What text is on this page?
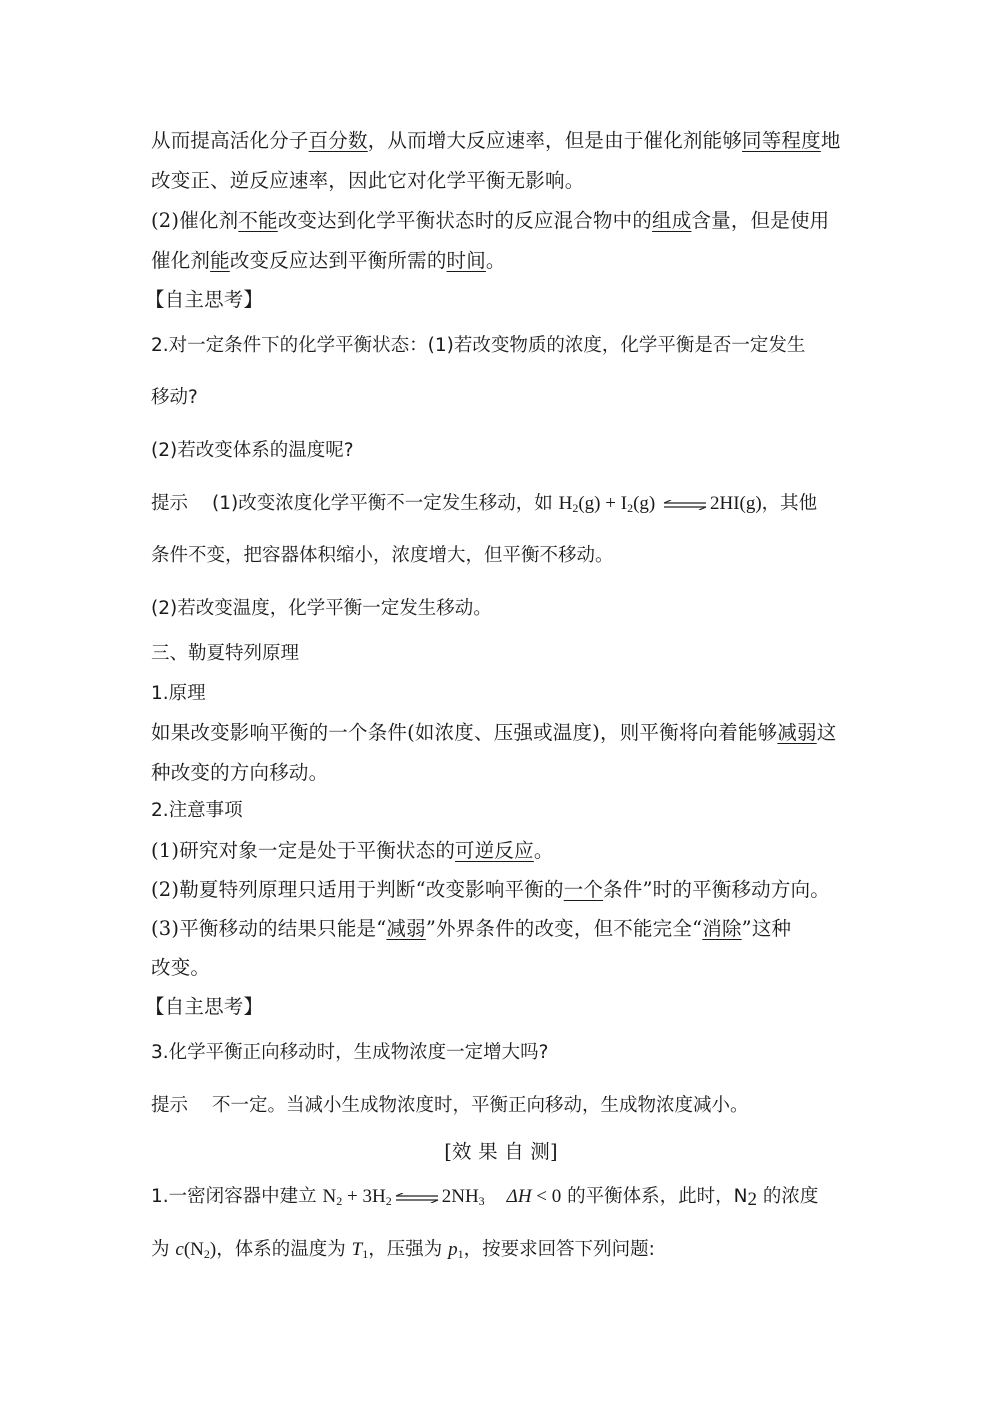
从而提高活化分子百分数，从而增大反应速率，但是由于催化剂能够同等程度地
改变正、逆反应速率，因此它对化学平衡无影响。
(2)催化剂不能改变达到化学平衡状态时的反应混合物中的组成含量，但是使用
催化剂能改变反应达到平衡所需的时间。
【自主思考】
2.对一定条件下的化学平衡状态：(1)若改变物质的浓度，化学平衡是否一定发生
移动?
(2)若改变体系的温度呢?
提示 (1)改变浓度化学平衡不一定发生移动，如 $H_2(g) + I_2(g)$ ⇌ 2HI(g)，其他
条件不变，把容器体积缩小，浓度增大，但平衡不移动。
(2)若改变温度，化学平衡一定发生移动。
三、勒夏特列原理
1.原理
如果改变影响平衡的一个条件(如浓度、压强或温度)，则平衡将向着能够减弱这
种改变的方向移动。
2.注意事项
(1)研究对象一定是处于平衡状态的可逆反应。
(2)勒夏特列原理只适用于判断“改变影响平衡的一个条件”时的平衡移动方向。
(3)平衡移动的结果只能是“减弱”外界条件的改变，但不能完全“消除”这种
改变。
【自主思考】
3.化学平衡正向移动时，生成物浓度一定增大吗?
提示 不一定。当减小生成物浓度时，平衡正向移动，生成物浓度减小。
[效 果 自 测]
1.一密闭容器中建立 $N_2 + 3H_2$ ⇌ $2NH_3$ ΔH < 0 的平衡体系，此时，$N_2$ 的浓度
为 $c(N_2)$，体系的温度为 $T_1$，压强为 $p_1$，按要求回答下列问题:
